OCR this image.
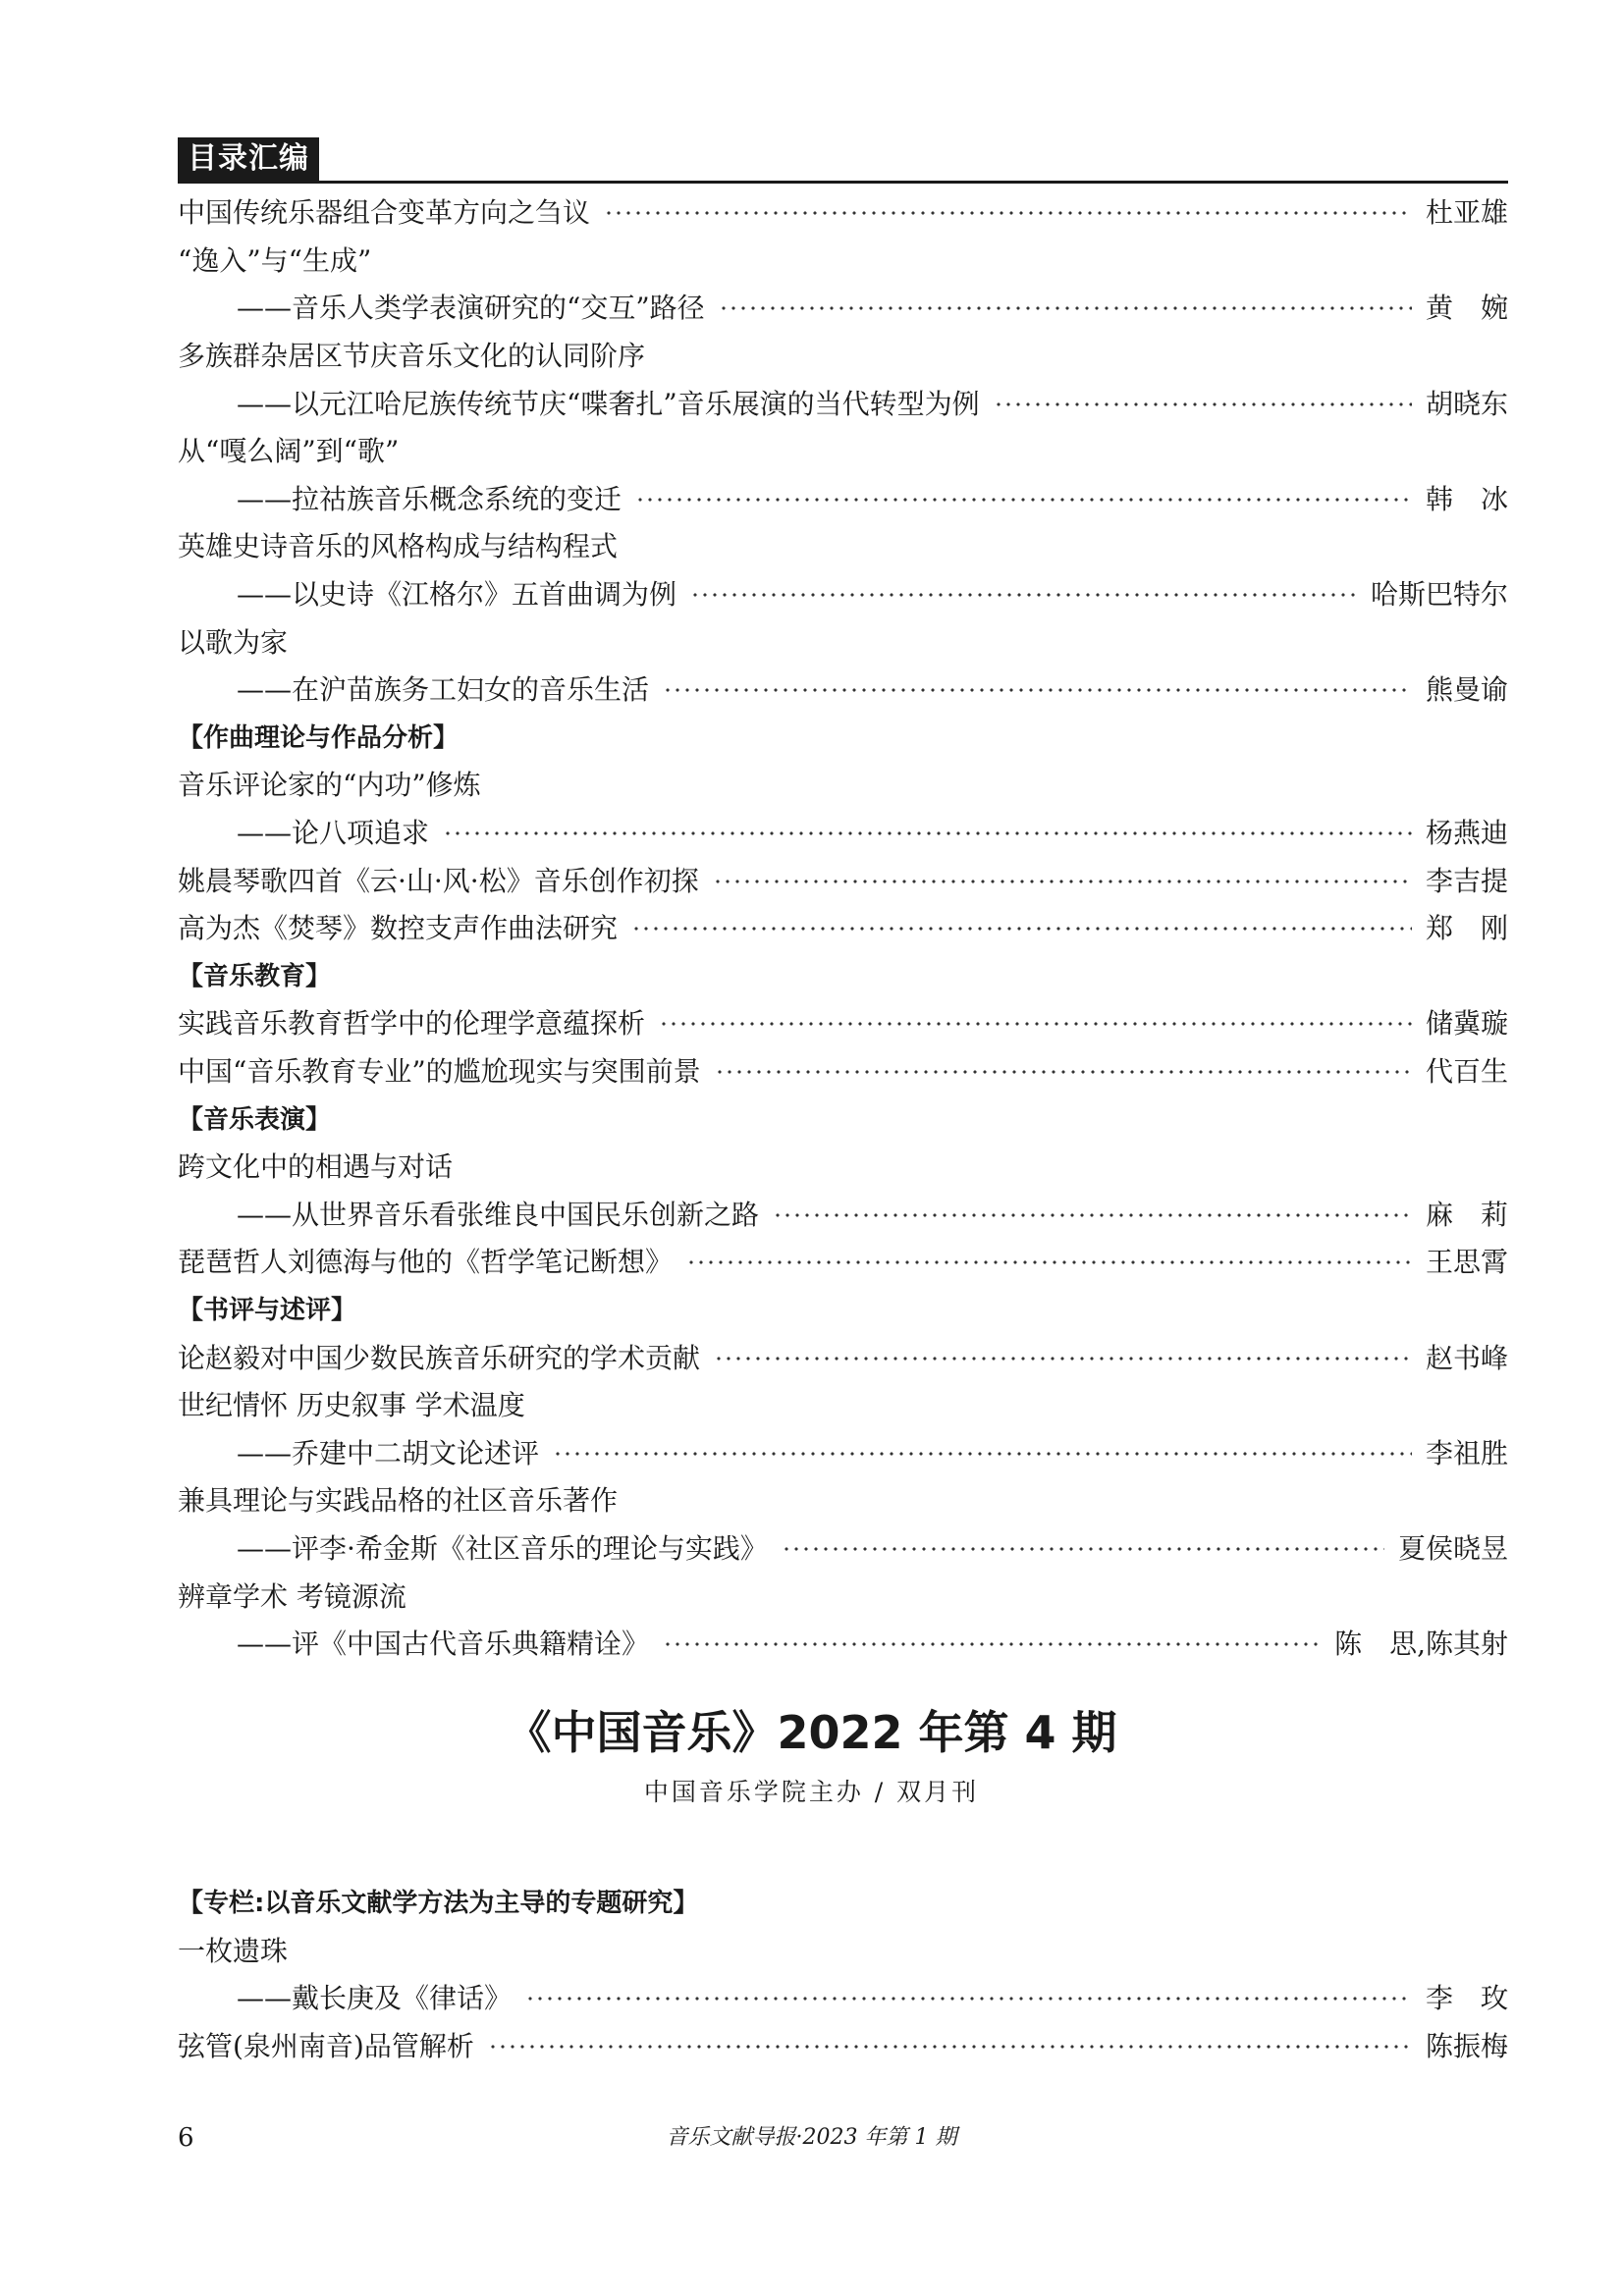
目录汇编
中国传统乐器组合变革方向之刍议	杜亚雄
“逸入”与“生成”
——音乐人类学表演研究的“交互”路径	黄　婉
多族群杂居区节庆音乐文化的认同阶序
——以元江哈尼族传统节庆“喋奢扎”音乐展演的当代转型为例	胡晓东
从“嘎么阔”到“歌”
——拉祜族音乐概念系统的变迁	韩　冰
英雄史诗音乐的风格构成与结构程式
——以史诗《江格尔》五首曲调为例	哈斯巴特尔
以歌为家
——在沪苗族务工妇女的音乐生活	熊曼谕
【作曲理论与作品分析】
音乐评论家的“内功”修炼
——论八项追求	杨燕迪
姚晨琴歌四首《云·山·风·松》音乐创作初探	李吉提
高为杰《焚琴》数控支声作曲法研究	郑　刚
【音乐教育】
实践音乐教育哲学中的伦理学意蕴探析	储冀璇
中国“音乐教育专业”的尴尬现实与突围前景	代百生
【音乐表演】
跨文化中的相遇与对话
——从世界音乐看张维良中国民乐创新之路	麻　莉
琵琶哲人刘德海与他的《哲学笔记断想》	王思霄
【书评与述评】
论赵毅对中国少数民族音乐研究的学术贡献	赵书峰
世纪情怀 历史叙事 学术温度
——乔建中二胡文论述评	李祖胜
兼具理论与实践品格的社区音乐著作
——评李·希金斯《社区音乐的理论与实践》	夏侯晓昱
辨章学术 考镜源流
——评《中国古代音乐典籍精诠》	陈　思,陈其射
《中国音乐》2022 年第 4 期
中国音乐学院主办 / 双月刊
【专栏:以音乐文献学方法为主导的专题研究】
一枚遗珠
——戴长庚及《律话》	李　玫
弦管(泉州南音)品管解析	陈振梅
6	音乐文献导报·2023 年第 1 期
